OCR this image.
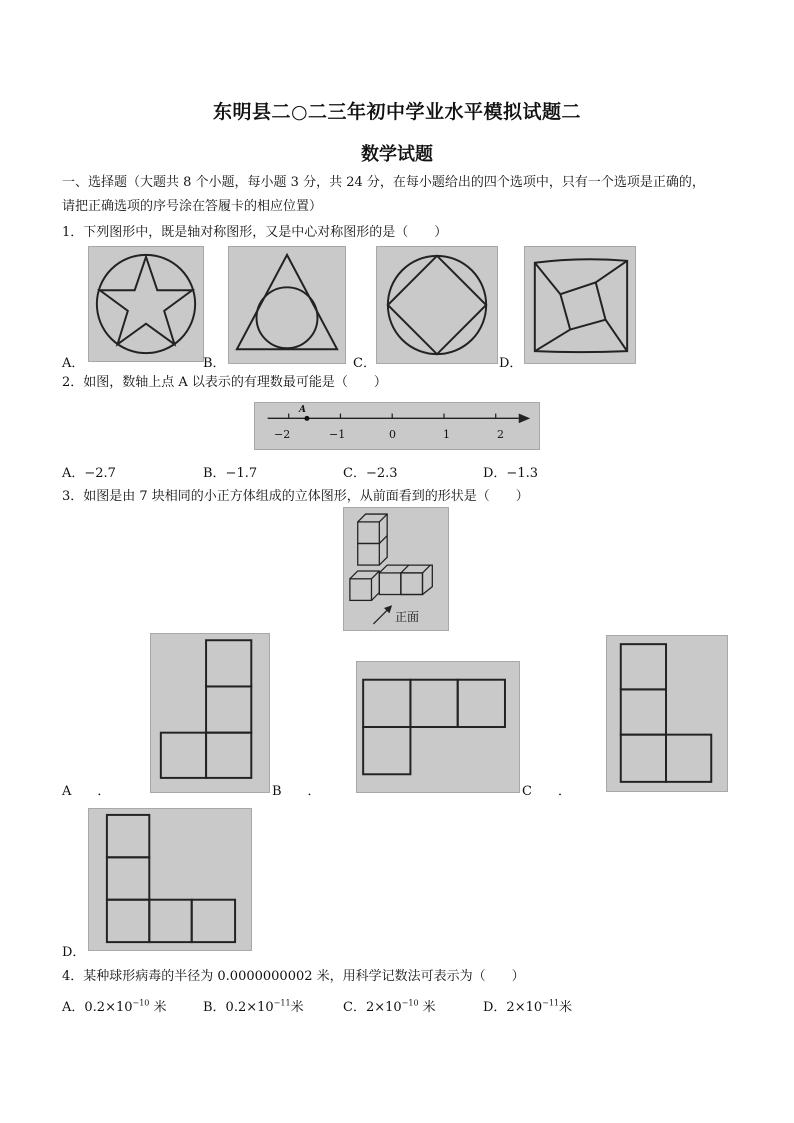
东明县二○二三年初中学业水平模拟试题二
数学试题
一、选择题（大题共 8 个小题，每小题 3 分，共 24 分，在每小题给出的四个选项中，只有一个选项是正确的，
请把正确选项的序号涂在答履卡的相应位置）
1．下列图形中，既是轴对称图形，又是中心对称图形的是（　　）
A．	B．	C．	D．
2．如图，数轴上点 A 以表示的有理数最可能是（　　）
A
−2	−1	0	1	2
A．−2.7	B．−1.7	C．−2.3	D．−1.3
3．如图是由 7 块相同的小正方体组成的立体图形，从前面看到的形状是（　　）
正面
A　　．	B　　．	C　　．
D．
4．某种球形病毒的半径为 0.0000000002 米，用科学记数法可表示为（　　）
A．$0.2\times 10^{-10}$ 米	B．$0.2\times 10^{-11}$米	C．$2\times 10^{-10}$ 米	D．$2\times 10^{-11}$米
